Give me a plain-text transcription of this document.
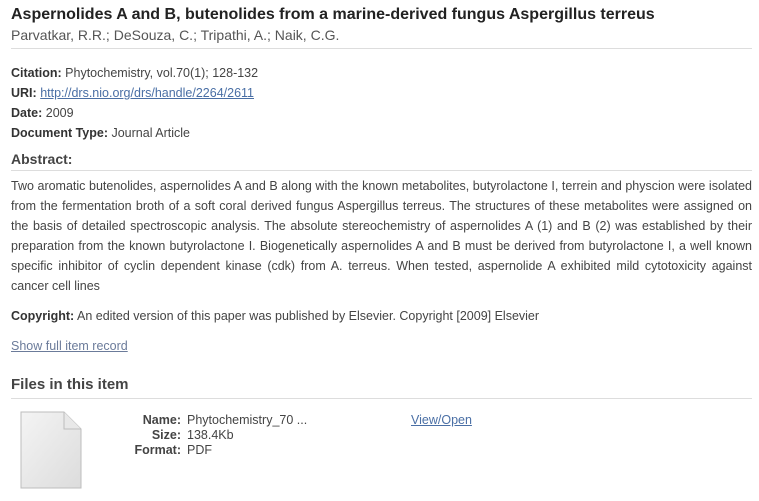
Aspernolides A and B, butenolides from a marine-derived fungus Aspergillus terreus
Parvatkar, R.R.; DeSouza, C.; Tripathi, A.; Naik, C.G.
Citation: Phytochemistry, vol.70(1); 128-132
URI: http://drs.nio.org/drs/handle/2264/2611
Date: 2009
Document Type: Journal Article
Abstract:
Two aromatic butenolides, aspernolides A and B along with the known metabolites, butyrolactone I, terrein and physcion were isolated from the fermentation broth of a soft coral derived fungus Aspergillus terreus. The structures of these metabolites were assigned on the basis of detailed spectroscopic analysis. The absolute stereochemistry of aspernolides A (1) and B (2) was established by their preparation from the known butyrolactone I. Biogenetically aspernolides A and B must be derived from butyrolactone I, a well known specific inhibitor of cyclin dependent kinase (cdk) from A. terreus. When tested, aspernolide A exhibited mild cytotoxicity against cancer cell lines
Copyright: An edited version of this paper was published by Elsevier. Copyright [2009] Elsevier
Show full item record
Files in this item
Name: Phytochemistry_70 ...
Size: 138.4Kb
Format: PDF
View/Open
